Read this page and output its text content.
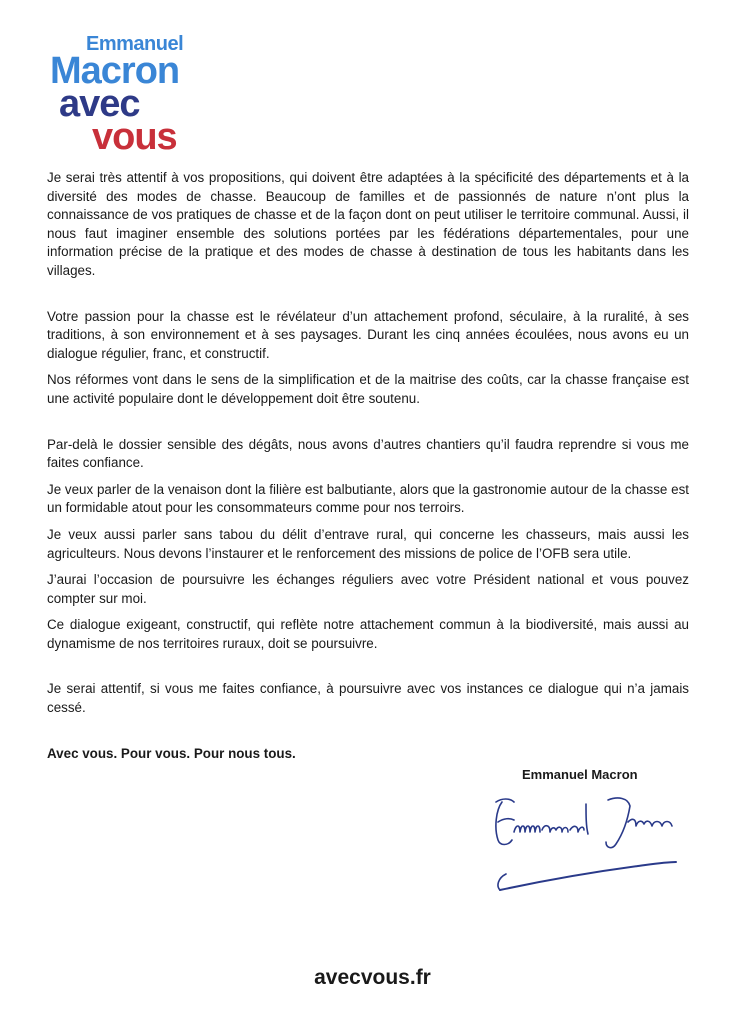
Emmanuel
Macron
avec
vous

Je serai très attentif à vos propositions, qui doivent être adaptées à la spécificité des départements et à la diversité des modes de chasse. Beaucoup de familles et de passionnés de nature n’ont plus la connaissance de vos pratiques de chasse et de la façon dont on peut utiliser le territoire communal. Aussi, il nous faut imaginer ensemble des solutions portées par les fédérations départementales, pour une information précise de la pratique et des modes de chasse à destination de tous les habitants dans les villages.

Votre passion pour la chasse est le révélateur d’un attachement profond, séculaire, à la ruralité, à ses traditions, à son environnement et à ses paysages. Durant les cinq années écoulées, nous avons eu un dialogue régulier, franc, et constructif.

Nos réformes vont dans le sens de la simplification et de la maitrise des coûts, car la chasse française est une activité populaire dont le développement doit être soutenu.

Par-delà le dossier sensible des dégâts, nous avons d’autres chantiers qu’il faudra reprendre si vous me faites confiance.

Je veux parler de la venaison dont la filière est balbutiante, alors que la gastronomie autour de la chasse est un formidable atout pour les consommateurs comme pour nos terroirs.

Je veux aussi parler sans tabou du délit d’entrave rural, qui concerne les chasseurs, mais aussi les agriculteurs. Nous devons l’instaurer et le renforcement des missions de police de l’OFB sera utile.

J’aurai l’occasion de poursuivre les échanges réguliers avec votre Président national et vous pouvez compter sur moi.

Ce dialogue exigeant, constructif, qui reflète notre attachement commun à la biodiversité, mais aussi au dynamisme de nos territoires ruraux, doit se poursuivre.

Je serai attentif, si vous me faites confiance, à poursuivre avec vos instances ce dialogue qui n’a jamais cessé.

Avec vous. Pour vous. Pour nous tous.

Emmanuel Macron
avecvous.fr
